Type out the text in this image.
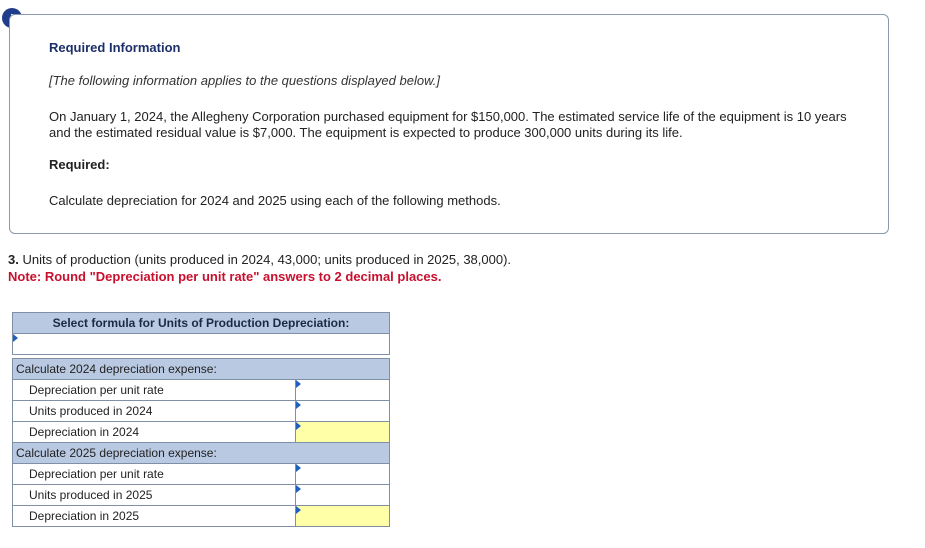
Required Information
[The following information applies to the questions displayed below.]
On January 1, 2024, the Allegheny Corporation purchased equipment for $150,000. The estimated service life of the equipment is 10 years and the estimated residual value is $7,000. The equipment is expected to produce 300,000 units during its life.
Required:
Calculate depreciation for 2024 and 2025 using each of the following methods.
3. Units of production (units produced in 2024, 43,000; units produced in 2025, 38,000).
Note: Round "Depreciation per unit rate" answers to 2 decimal places.
Select formula for Units of Production Depreciation:	

Calculate 2024 depreciation expense:	
Depreciation per unit rate	

Units produced in 2024	

Depreciation in 2024	

Calculate 2025 depreciation expense:	
Depreciation per unit rate	

Units produced in 2025	

Depreciation in 2025	
